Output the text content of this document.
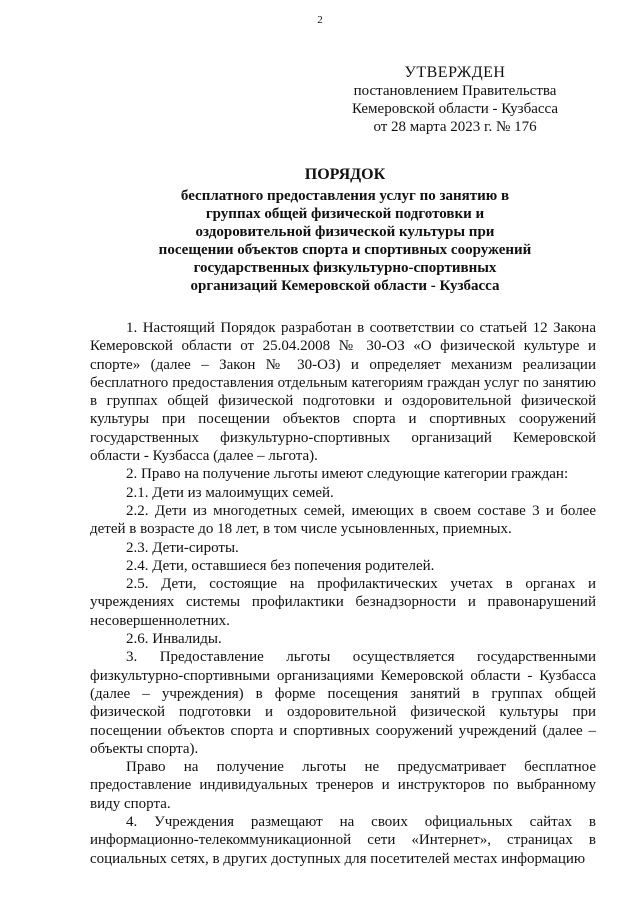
2
УТВЕРЖДЕН
постановлением Правительства
Кемеровской области - Кузбасса
от 28 марта 2023 г. № 176
ПОРЯДОК
бесплатного предоставления услуг по занятию в
группах общей физической подготовки и
оздоровительной физической культуры при
посещении объектов спорта и спортивных сооружений
государственных физкультурно-спортивных
организаций Кемеровской области - Кузбасса

1. Настоящий Порядок разработан в соответствии со статьей 12 Закона Кемеровской области от 25.04.2008 № 30-ОЗ «О физической культуре и спорте» (далее – Закон № 30-ОЗ) и определяет механизм реализации бесплатного предоставления отдельным категориям граждан услуг по занятию в группах общей физической подготовки и оздоровительной физической культуры при посещении объектов спорта и спортивных сооружений государственных физкультурно-спортивных организаций Кемеровской области - Кузбасса (далее – льгота).

2. Право на получение льготы имеют следующие категории граждан:

2.1. Дети из малоимущих семей.

2.2. Дети из многодетных семей, имеющих в своем составе 3 и более детей в возрасте до 18 лет, в том числе усыновленных, приемных.

2.3. Дети-сироты.

2.4. Дети, оставшиеся без попечения родителей.

2.5. Дети, состоящие на профилактических учетах в органах и учреждениях системы профилактики безнадзорности и правонарушений несовершеннолетних.

2.6. Инвалиды.

3. Предоставление льготы осуществляется государственными физкультурно-спортивными организациями Кемеровской области - Кузбасса (далее – учреждения) в форме посещения занятий в группах общей физической подготовки и оздоровительной физической культуры при посещении объектов спорта и спортивных сооружений учреждений (далее – объекты спорта).

Право на получение льготы не предусматривает бесплатное предоставление индивидуальных тренеров и инструкторов по выбранному виду спорта.

4. Учреждения размещают на своих официальных сайтах в информационно-телекоммуникационной сети «Интернет», страницах в социальных сетях, в других доступных для посетителей местах информацию
